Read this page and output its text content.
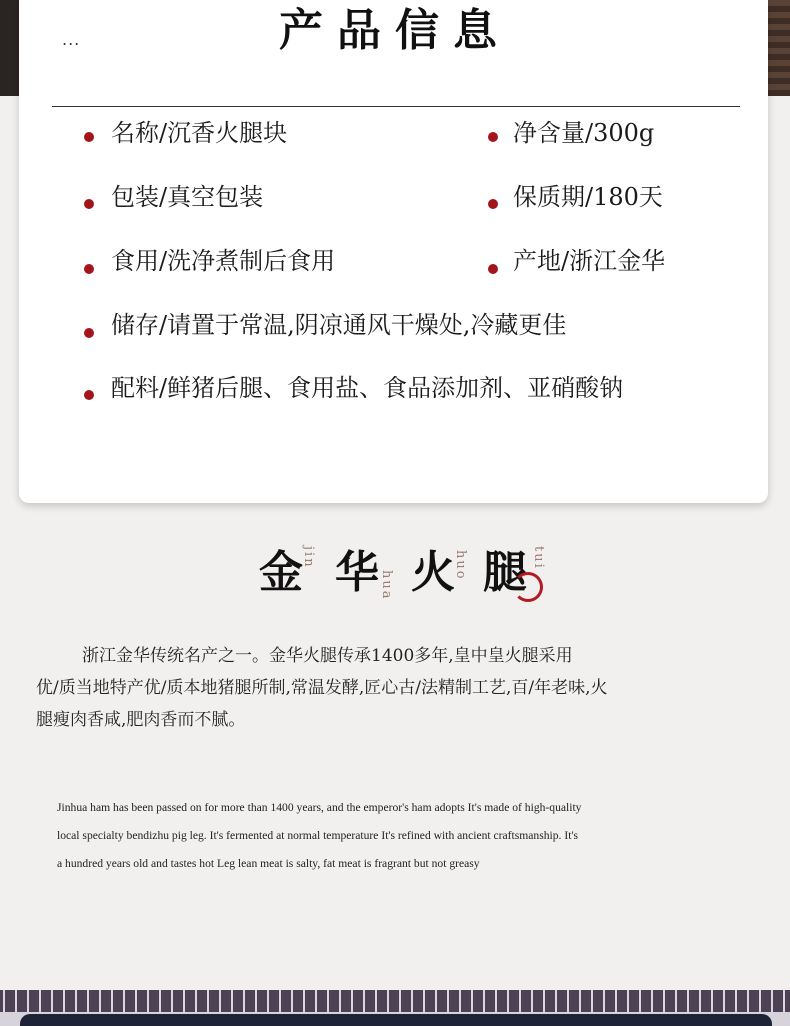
...	产品信息
名称/沉香火腿块	净含量/300g
包装/真空包装	保质期/180天
食用/洗净煮制后食用	产地/浙江金华
储存/请置于常温,阴凉通风干燥处,冷藏更佳
配料/鲜猪后腿、食用盐、食品添加剂、亚硝酸钠
金
jin 华 hua 火
huo 腿 tui
浙江金华传统名产之一。金华火腿传承1400多年,皇中皇火腿采用
优/质当地特产优/质本地猪腿所制,常温发酵,匠心古/法精制工艺,百/年老味,火
腿瘦肉香咸,肥肉香而不腻。
Jinhua ham has been passed on for more than 1400 years, and the emperor's ham adopts It's made of high-quality
local specialty bendizhu pig leg. It's fermented at normal temperature It's refined with ancient craftsmanship. It's
a hundred years old and tastes hot Leg lean meat is salty, fat meat is fragrant but not greasy
